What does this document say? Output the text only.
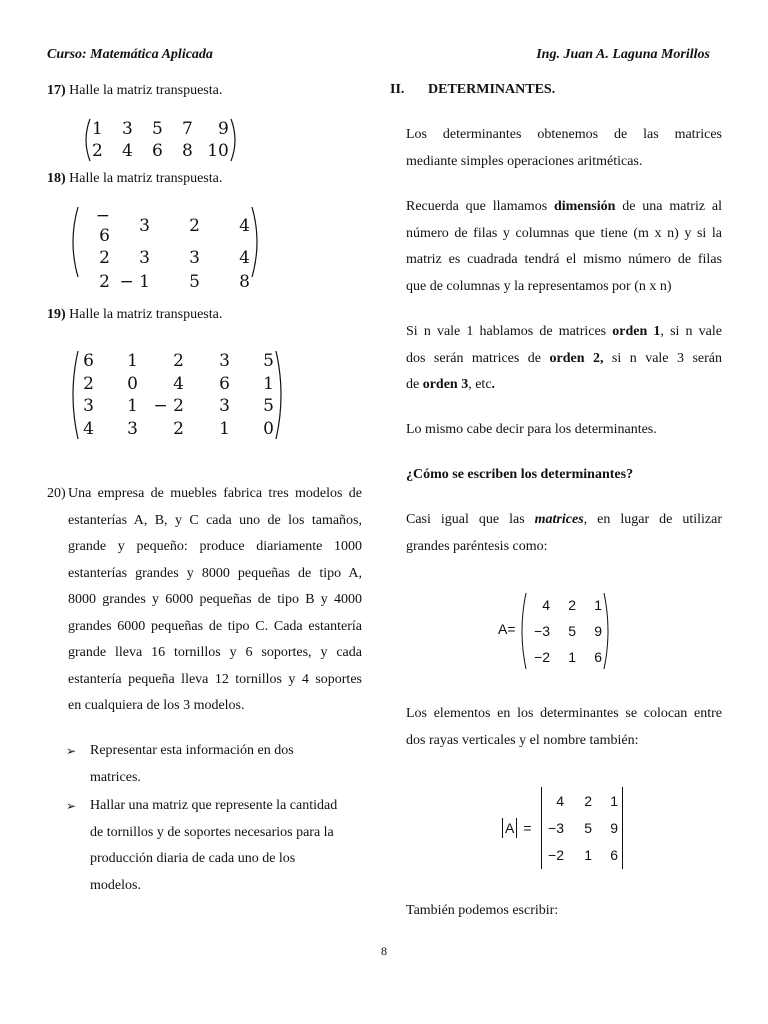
Curso: Matemática Aplicada	Ing. Juan A. Laguna Morillos
17) Halle la matriz transpuesta.
1	3	5	7	9
2	4	6	8	10
18) Halle la matriz transpuesta.
− 6	3	2	4
2	3	3	4
2	− 1	5	8
19) Halle la matriz transpuesta.
6	1	2	3	5
2	0	4	6	1
3	1	− 2	3	5
4	3	2	1	0
20) Una empresa de muebles fabrica tres modelos de
estanterías A, B, y C cada uno de los tamaños,
grande y pequeño: produce diariamente 1000
estanterías grandes y 8000 pequeñas de tipo A,
8000 grandes y 6000 pequeñas de tipo B y 4000
grandes 6000 pequeñas de tipo C. Cada estantería
grande lleva 16 tornillos y 6 soportes, y cada
estantería pequeña lleva 12 tornillos y 4 soportes
en cualquiera de los 3 modelos.
➢ Representar esta información en dos
matrices.
➢ Hallar una matriz que represente la cantidad
de tornillos y de soportes necesarios para la
producción diaria de cada uno de los
modelos.
II. DETERMINANTES.
Los determinantes obtenemos de las matrices
mediante simples operaciones aritméticas.
Recuerda que llamamos dimensión de una matriz al
número de filas y columnas que tiene (m x n) y si la
matriz es cuadrada tendrá el mismo número de filas
que de columnas y la representamos por (n x n)
Si n vale 1 hablamos de matrices orden 1, si n vale
dos serán matrices de orden 2, si n vale 3 serán
de orden 3, etc.
Lo mismo cabe decir para los determinantes.
¿Cómo se escriben los determinantes?
Casi igual que las matrices, en lugar de utilizar
grandes paréntesis como:
A=
4	2	1
−3	5	9
−2	1	6
Los elementos en los determinantes se colocan entre
dos rayas verticales y el nombre también:
A =
4	2	1
−3	5	9
−2	1	6
También podemos escribir:
8
